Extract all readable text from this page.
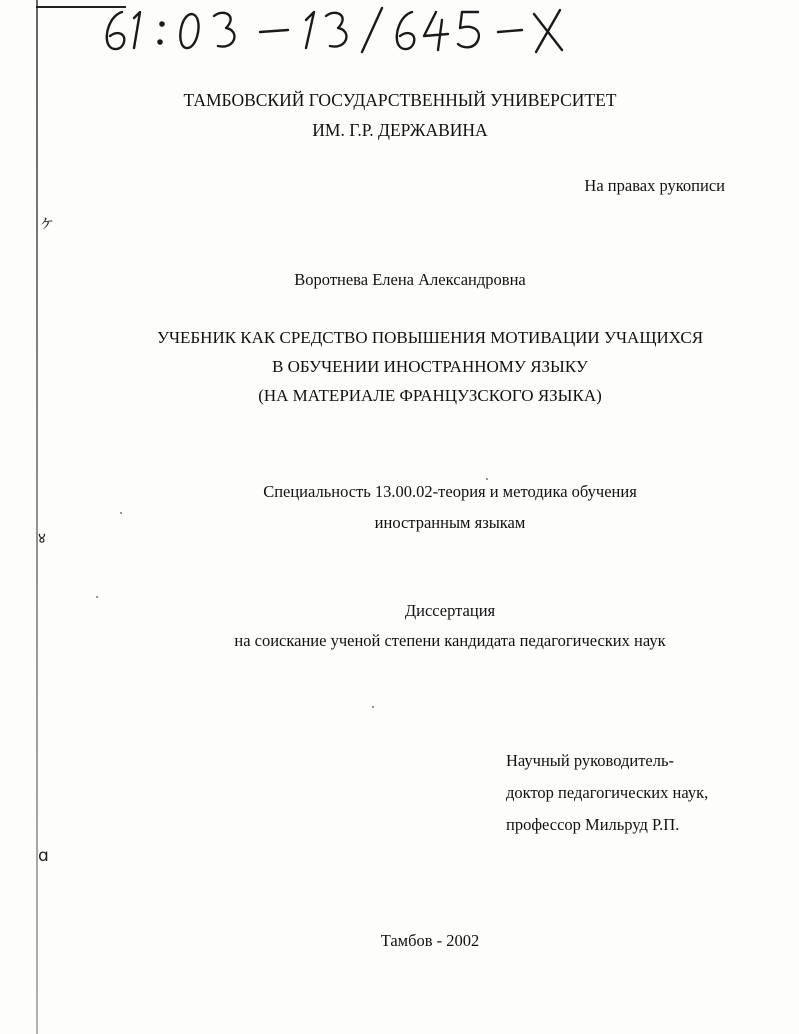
ヶ
४
ɑ
ТАМБОВСКИЙ ГОСУДАРСТВЕННЫЙ УНИВЕРСИТЕТ
ИМ. Г.Р. ДЕРЖАВИНА
На правах рукописи
Воротнева Елена Александровна
УЧЕБНИК КАК СРЕДСТВО ПОВЫШЕНИЯ МОТИВАЦИИ УЧАЩИХСЯ
В ОБУЧЕНИИ ИНОСТРАННОМУ ЯЗЫКУ
(НА МАТЕРИАЛЕ ФРАНЦУЗСКОГО ЯЗЫКА)
Специальность 13.00.02-теория и методика обучения
иностранным языкам
Диссертация
на соискание ученой степени кандидата педагогических наук
Научный руководитель-
доктор педагогических наук,
профессор Мильруд Р.П.
Тамбов - 2002
